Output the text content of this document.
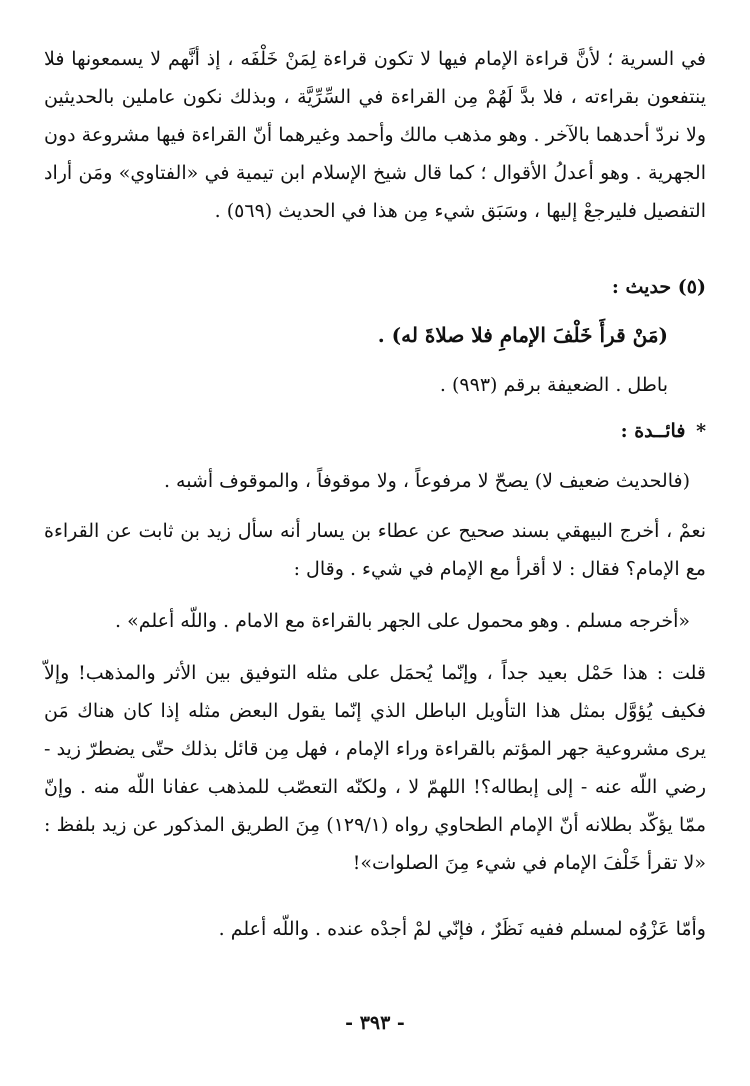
في السرية ؛ لأنَّ قراءة الإمام فيها لا تكون قراءة لِمَنْ خَلْفَه ، إذ أنَّهم لا يسمعونها فلا ينتفعون بقراءته ، فلا بدَّ لَهُمْ مِن القراءة في السِّرِّيَّة ، وبذلك نكون عاملين بالحديثين ولا نردّ أحدهما بالآخر . وهو مذهب مالك وأحمد وغيرهما أنّ القراءة فيها مشروعة دون الجهرية . وهو أعدلُ الأقوال ؛ كما قال شيخ الإسلام ابن تيمية في «الفتاوي» ومَن أراد التفصيل فليرجعْ إليها ، وسَبَق شيء مِن هذا في الحديث (٥٦٩) .

(٥) حديث :

(مَنْ قرأَ خَلْفَ الإمامِ فلا صلاةَ له) .

باطل . الضعيفة برقم (٩٩٣) .

* فائــدة :

(فالحديث ضعيف لا) يصحّ لا مرفوعاً ، ولا موقوفاً ، والموقوف أشبه .

نعمْ ، أخرج البيهقي بسند صحيح عن عطاء بن يسار أنه سأل زيد بن ثابت عن القراءة مع الإمام؟ فقال : لا أقرأ مع الإمام في شيء . وقال :

«أخرجه مسلم . وهو محمول على الجهر بالقراءة مع الامام . واللّه أعلم» .

قلت : هذا حَمْل بعيد جداً ، وإنّما يُحمَل على مثله التوفيق بين الأثر والمذهب! وإلاّ فكيف يُؤوَّل بمثل هذا التأويل الباطل الذي إنّما يقول البعض مثله إذا كان هناك مَن يرى مشروعية جهر المؤتم بالقراءة وراء الإمام ، فهل مِن قائل بذلك حتّى يضطرّ زيد - رضي اللّه عنه - إلى إبطاله؟! اللهمّ لا ، ولكنّه التعصّب للمذهب عفانا اللّه منه . وإنّ ممّا يؤكّد بطلانه أنّ الإمام الطحاوي رواه (١٢٩/١) مِنَ الطريق المذكور عن زيد بلفظ : «لا تقرأ خَلْفَ الإمام في شيء مِنَ الصلوات»!

وأمّا عَزْوُه لمسلم ففيه نَظَرٌ ، فإنّي لمْ أجدْه عنده . واللّه أعلم .

- ٣٩٣ -
